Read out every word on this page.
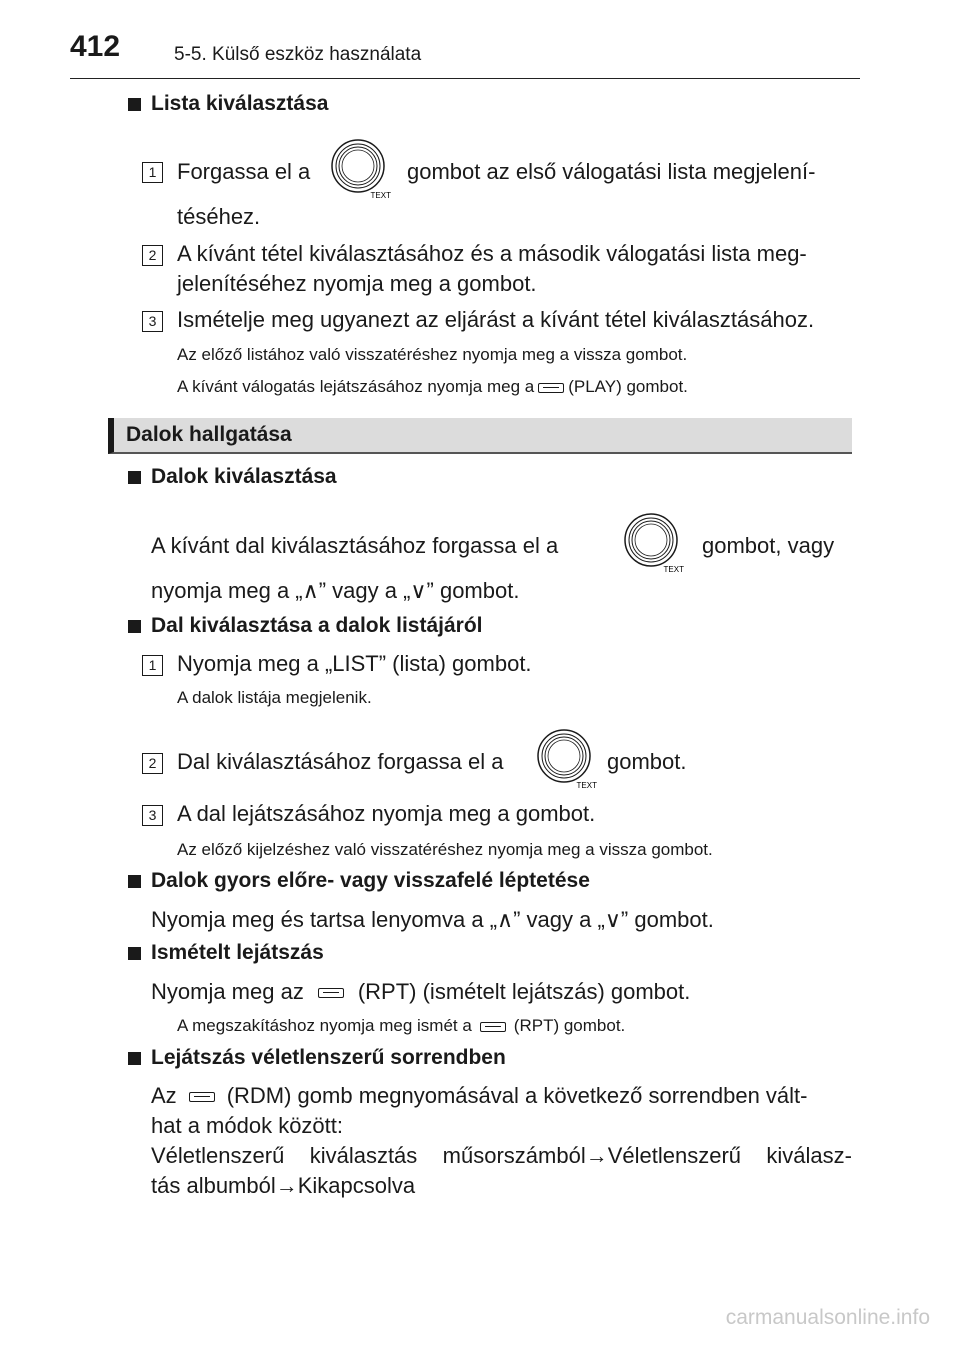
412	5-5. Külső eszköz használata
Lista kiválasztása
1 Forgassa el a
TEXT
gombot az első válogatási lista megjelení-
téséhez.
2 A kívánt tétel kiválasztásához és a második válogatási lista meg-
jelenítéséhez nyomja meg a gombot.
3 Ismételje meg ugyanezt az eljárást a kívánt tétel kiválasztásához.
Az előző listához való visszatéréshez nyomja meg a vissza gombot.
A kívánt válogatás lejátszásához nyomja meg a (PLAY) gombot.
Dalok hallgatása
Dalok kiválasztása
A kívánt dal kiválasztásához forgassa el a
TEXT
gombot, vagy
nyomja meg a „∧” vagy a „∨” gombot.
Dal kiválasztása a dalok listájáról
1 Nyomja meg a „LIST” (lista) gombot.
A dalok listája megjelenik.
2 Dal kiválasztásához forgassa el a
TEXT
gombot.
3 A dal lejátszásához nyomja meg a gombot.
Az előző kijelzéshez való visszatéréshez nyomja meg a vissza gombot.
Dalok gyors előre- vagy visszafelé léptetése
Nyomja meg és tartsa lenyomva a „∧” vagy a „∨” gombot.
Ismételt lejátszás
Nyomja meg az (RPT) (ismételt lejátszás) gombot.
A megszakításhoz nyomja meg ismét a (RPT) gombot.
Lejátszás véletlenszerű sorrendben
Az (RDM) gomb megnyomásával a következő sorrendben vált-
hat a módok között:
Véletlenszerű kiválasztás műsorszámból→Véletlenszerű kiválasz-
tás albumból→Kikapcsolva
carmanualsonline.info
